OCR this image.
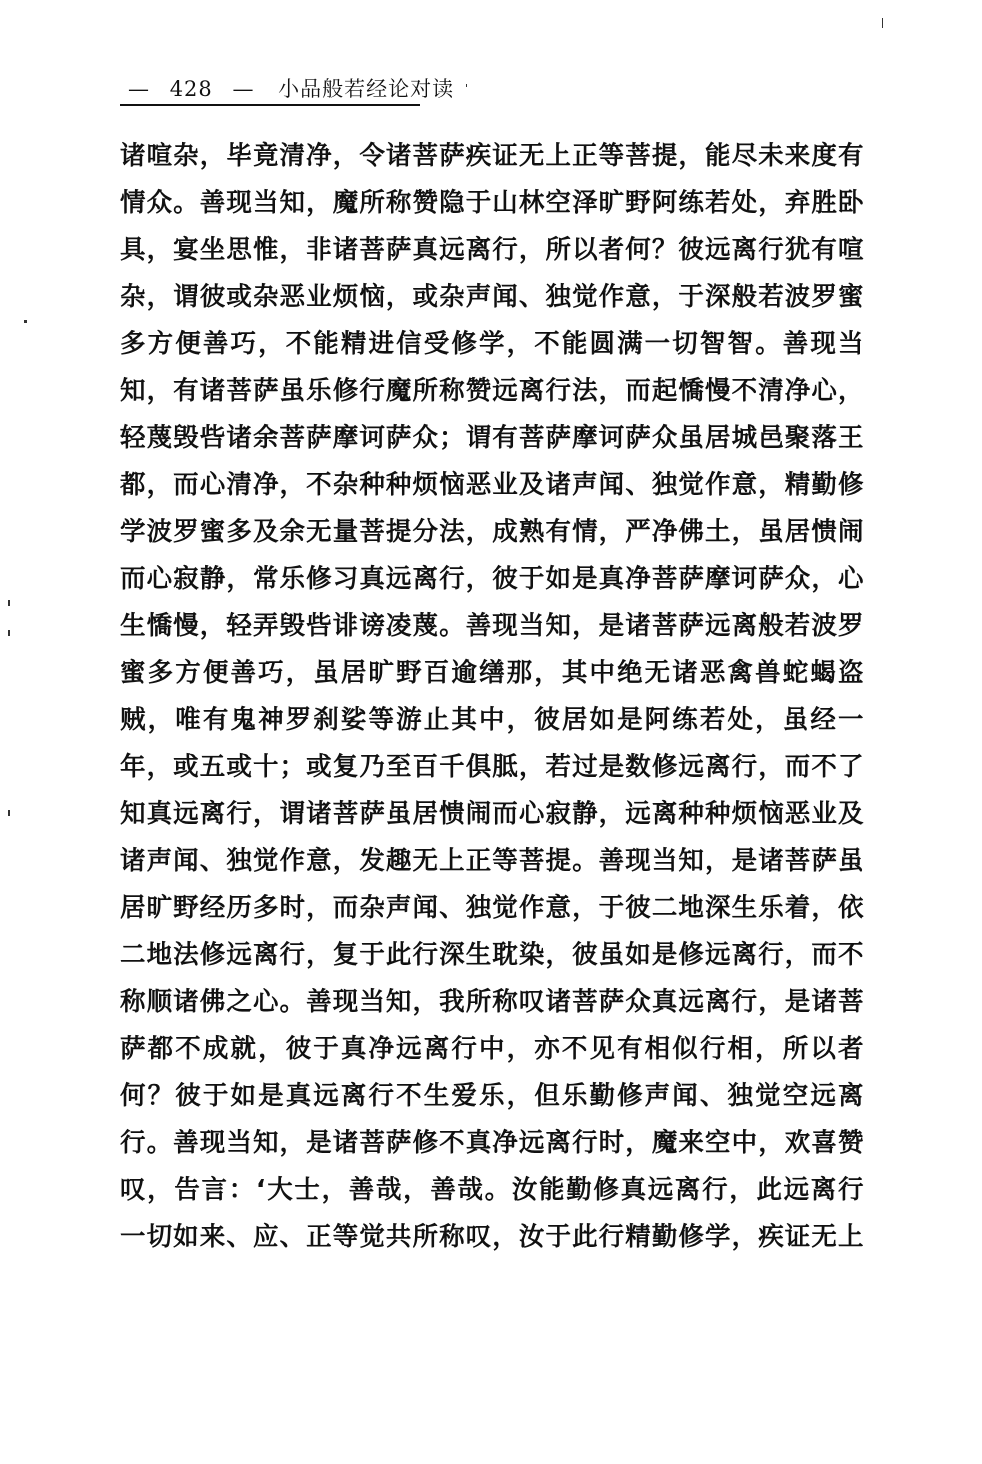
— 428 — 小品般若经论对读
诸喧杂，毕竟清净，令诸菩萨疾证无上正等菩提，能尽未来度有
情众。善现当知，魔所称赞隐于山林空泽旷野阿练若处，弃胜卧
具，宴坐思惟，非诸菩萨真远离行，所以者何？彼远离行犹有喧
杂，谓彼或杂恶业烦恼，或杂声闻、独觉作意，于深般若波罗蜜
多方便善巧，不能精进信受修学，不能圆满一切智智。善现当
知，有诸菩萨虽乐修行魔所称赞远离行法，而起憍慢不清净心，
轻蔑毁呰诸余菩萨摩诃萨众；谓有菩萨摩诃萨众虽居城邑聚落王
都，而心清净，不杂种种烦恼恶业及诸声闻、独觉作意，精勤修
学波罗蜜多及余无量菩提分法，成熟有情，严净佛土，虽居愦闹
而心寂静，常乐修习真远离行，彼于如是真净菩萨摩诃萨众，心
生憍慢，轻弄毁呰诽谤凌蔑。善现当知，是诸菩萨远离般若波罗
蜜多方便善巧，虽居旷野百逾缮那，其中绝无诸恶禽兽蛇蝎盗
贼，唯有鬼神罗刹娑等游止其中，彼居如是阿练若处，虽经一
年，或五或十；或复乃至百千俱胝，若过是数修远离行，而不了
知真远离行，谓诸菩萨虽居愦闹而心寂静，远离种种烦恼恶业及
诸声闻、独觉作意，发趣无上正等菩提。善现当知，是诸菩萨虽
居旷野经历多时，而杂声闻、独觉作意，于彼二地深生乐着，依
二地法修远离行，复于此行深生耽染，彼虽如是修远离行，而不
称顺诸佛之心。善现当知，我所称叹诸菩萨众真远离行，是诸菩
萨都不成就，彼于真净远离行中，亦不见有相似行相，所以者
何？彼于如是真远离行不生爱乐，但乐勤修声闻、独觉空远离
行。善现当知，是诸菩萨修不真净远离行时，魔来空中，欢喜赞
叹，告言：‘大士，善哉，善哉。汝能勤修真远离行，此远离行
一切如来、应、正等觉共所称叹，汝于此行精勤修学，疾证无上
